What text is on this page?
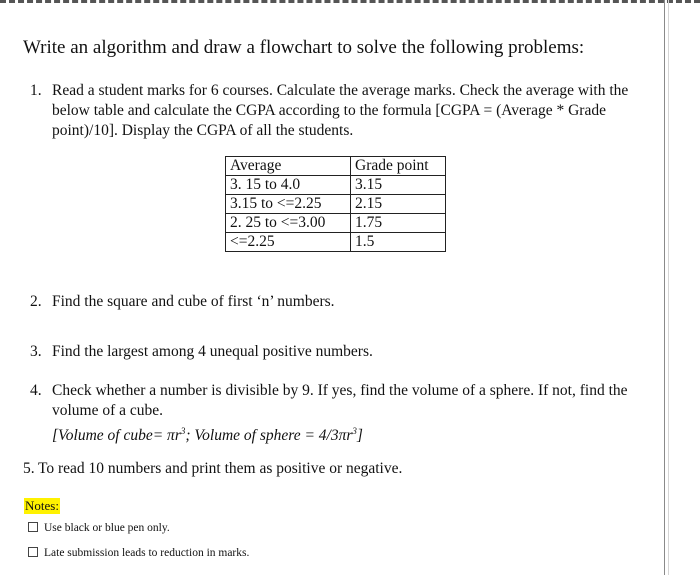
Write an algorithm and draw a flowchart to solve the following problems:
1. Read a student marks for 6 courses. Calculate the average marks. Check the average with the below table and calculate the CGPA according to the formula [CGPA = (Average * Grade point)/10]. Display the CGPA of all the students.
Average	Grade point
3. 15 to 4.0	3.15
3.15 to <=2.25	2.15
2. 25 to <=3.00	1.75
<=2.25	1.5
2. Find the square and cube of first ‘n’ numbers.
3. Find the largest among 4 unequal positive numbers.
4. Check whether a number is divisible by 9. If yes, find the volume of a sphere. If not, find the volume of a cube.
[Volume of cube= $\pi r^3$; Volume of sphere = $4/3\pi r^3$]
5. To read 10 numbers and print them as positive or negative.
Notes:
Use black or blue pen only.
Late submission leads to reduction in marks.
